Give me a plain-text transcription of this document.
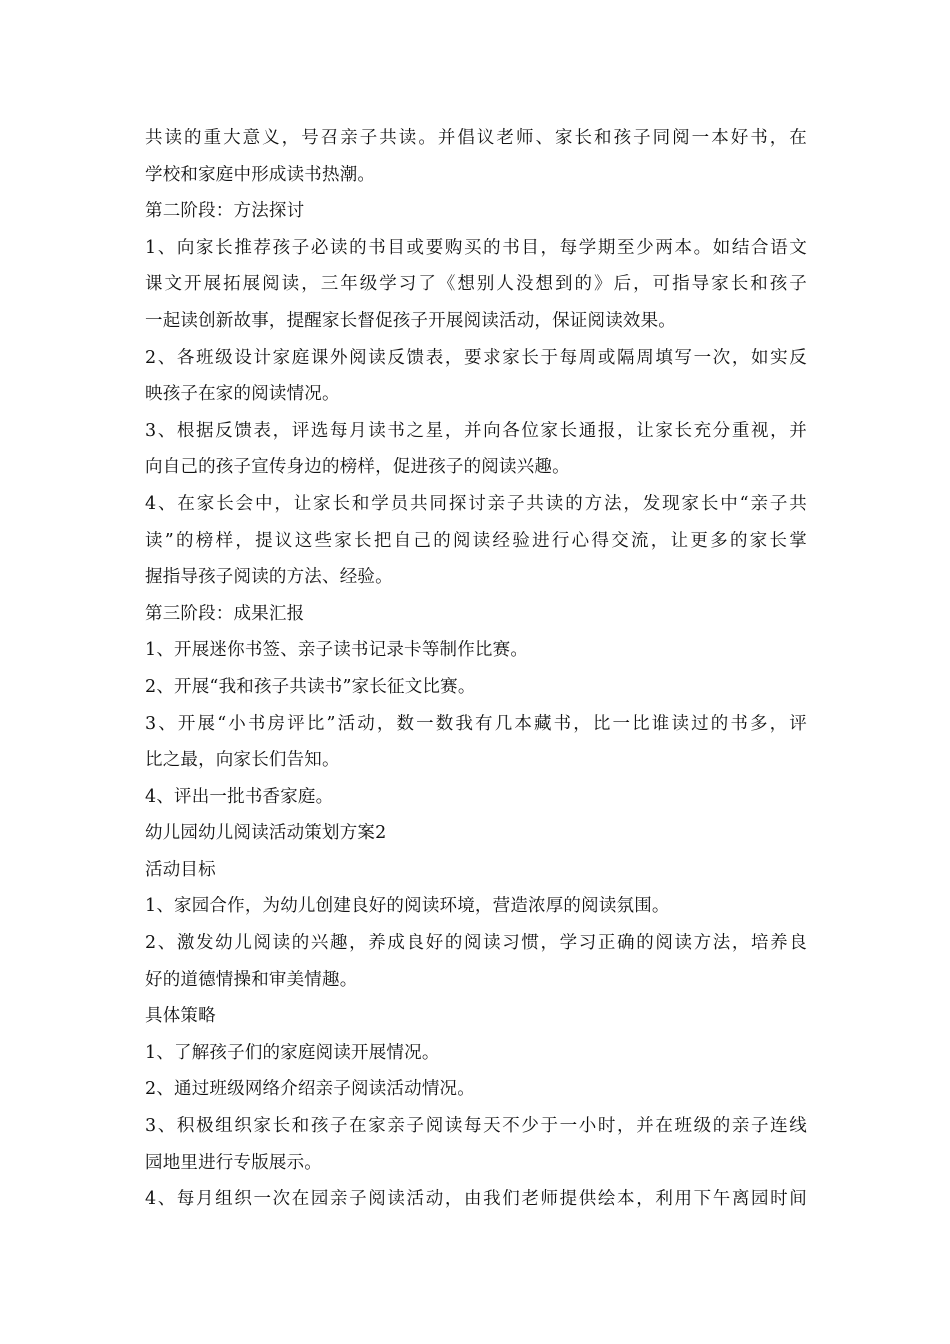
共读的重大意义，号召亲子共读。并倡议老师、家长和孩子同阅一本好书，在
学校和家庭中形成读书热潮。
第二阶段：方法探讨
1、向家长推荐孩子必读的书目或要购买的书目，每学期至少两本。如结合语文
课文开展拓展阅读，三年级学习了《想别人没想到的》后，可指导家长和孩子
一起读创新故事，提醒家长督促孩子开展阅读活动，保证阅读效果。
2、各班级设计家庭课外阅读反馈表，要求家长于每周或隔周填写一次，如实反
映孩子在家的阅读情况。
3、根据反馈表，评选每月读书之星，并向各位家长通报，让家长充分重视，并
向自己的孩子宣传身边的榜样，促进孩子的阅读兴趣。
4、在家长会中，让家长和学员共同探讨亲子共读的方法，发现家长中“亲子共
读”的榜样，提议这些家长把自己的阅读经验进行心得交流，让更多的家长掌
握指导孩子阅读的方法、经验。
第三阶段：成果汇报
1、开展迷你书签、亲子读书记录卡等制作比赛。
2、开展“我和孩子共读书”家长征文比赛。
3、开展“小书房评比”活动，数一数我有几本藏书，比一比谁读过的书多，评
比之最，向家长们告知。
4、评出一批书香家庭。
幼儿园幼儿阅读活动策划方案2
活动目标
1、家园合作，为幼儿创建良好的阅读环境，营造浓厚的阅读氛围。
2、激发幼儿阅读的兴趣，养成良好的阅读习惯，学习正确的阅读方法，培养良
好的道德情操和审美情趣。
具体策略
1、了解孩子们的家庭阅读开展情况。
2、通过班级网络介绍亲子阅读活动情况。
3、积极组织家长和孩子在家亲子阅读每天不少于一小时，并在班级的亲子连线
园地里进行专版展示。
4、每月组织一次在园亲子阅读活动，由我们老师提供绘本，利用下午离园时间
